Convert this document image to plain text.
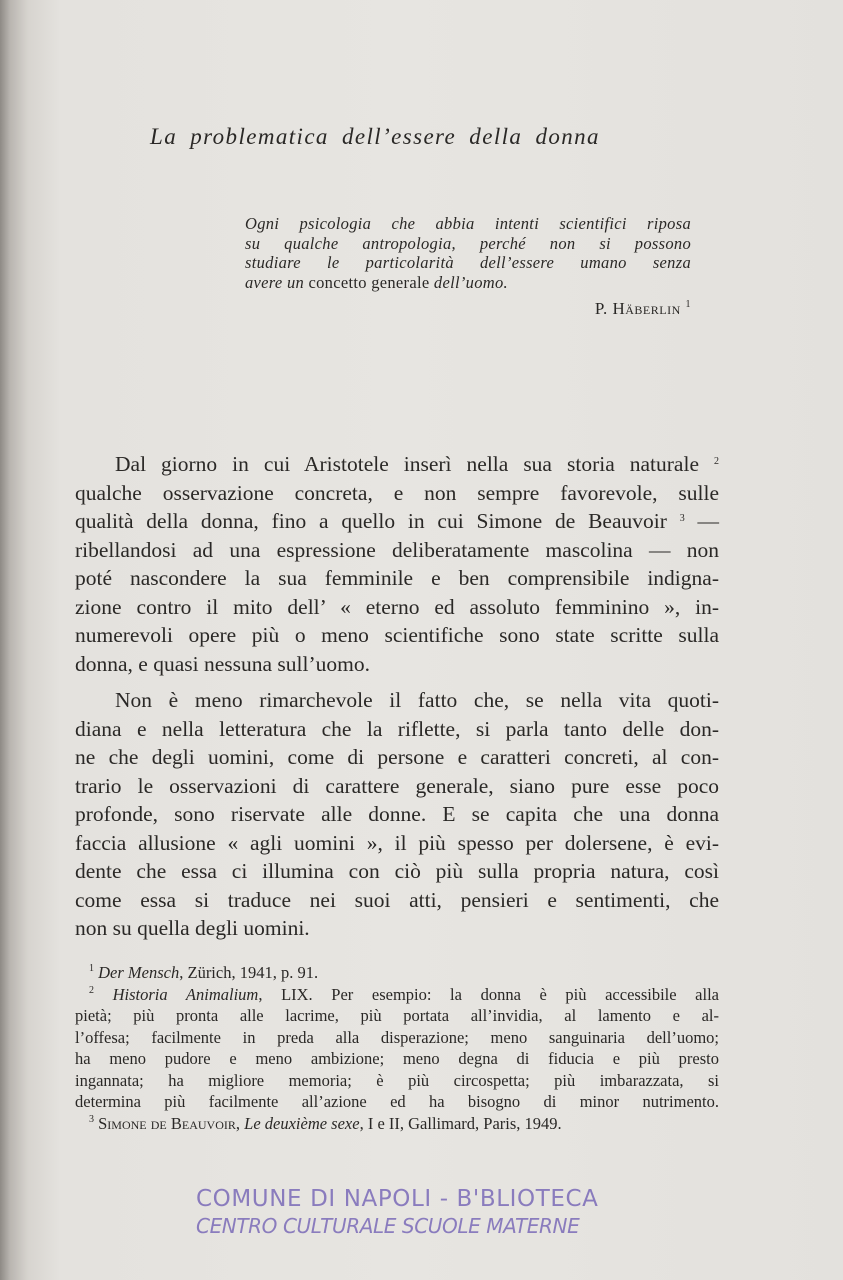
La problematica dell’essere della donna
Ogni psicologia che abbia intenti scientifici riposa
su qualche antropologia, perché non si possono
studiare le particolarità dell’essere umano senza
avere un concetto generale dell’uomo.
P. Häberlin $^1$
Dal giorno in cui Aristotele inserì nella sua storia naturale $^2$
qualche osservazione concreta, e non sempre favorevole, sulle
qualità della donna, fino a quello in cui Simone de Beauvoir $^3$ —
ribellandosi ad una espressione deliberatamente mascolina — non
poté nascondere la sua femminile e ben comprensibile indigna-
zione contro il mito dell’ « eterno ed assoluto femminino », in-
numerevoli opere più o meno scientifiche sono state scritte sulla
donna, e quasi nessuna sull’uomo.
Non è meno rimarchevole il fatto che, se nella vita quoti-
diana e nella letteratura che la riflette, si parla tanto delle don-
ne che degli uomini, come di persone e caratteri concreti, al con-
trario le osservazioni di carattere generale, siano pure esse poco
profonde, sono riservate alle donne. E se capita che una donna
faccia allusione « agli uomini », il più spesso per dolersene, è evi-
dente che essa ci illumina con ciò più sulla propria natura, così
come essa si traduce nei suoi atti, pensieri e sentimenti, che
non su quella degli uomini.
$^1$ Der Mensch, Zürich, 1941, p. 91.
$^2$ Historia Animalium, LIX. Per esempio: la donna è più accessibile alla
pietà; più pronta alle lacrime, più portata all’invidia, al lamento e al-
l’offesa; facilmente in preda alla disperazione; meno sanguinaria dell’uomo;
ha meno pudore e meno ambizione; meno degna di fiducia e più presto
ingannata; ha migliore memoria; è più circospetta; più imbarazzata, si
determina più facilmente all’azione ed ha bisogno di minor nutrimento.
$^3$ Simone de Beauvoir, Le deuxième sexe, I e II, Gallimard, Paris, 1949.
COMUNE DI NAPOLI - B'BLIOTECA
CENTRO CULTURALE SCUOLE MATERNE
